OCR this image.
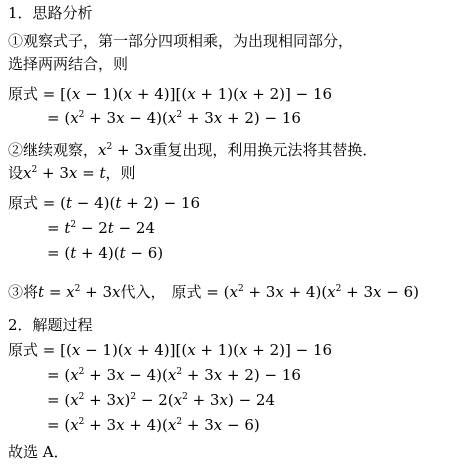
1．思路分析
①观察式子，第一部分四项相乘，为出现相同部分，
选择两两结合，则
原式 = [(x − 1)(x + 4)][(x + 1)(x + 2)] − 16
= $(x^2 + 3x - 4)(x^2 + 3x + 2) - 16$
②继续观察，$x^2 + 3x$重复出现，利用换元法将其替换．
设$x^2 + 3x = t$，则
原式 = (t − 4)(t + 2) − 16
= $t^2 - 2t - 24$
= (t + 4)(t − 6)
③将$t = x^2 + 3x$代入， 原式 = $(x^2 + 3x + 4)(x^2 + 3x - 6)$
2．解题过程
原式 = [(x − 1)(x + 4)][(x + 1)(x + 2)] − 16
= $(x^2 + 3x - 4)(x^2 + 3x + 2) - 16$
= $(x^2 + 3x)^2 - 2(x^2 + 3x) - 24$
= $(x^2 + 3x + 4)(x^2 + 3x - 6)$
故选 A．
